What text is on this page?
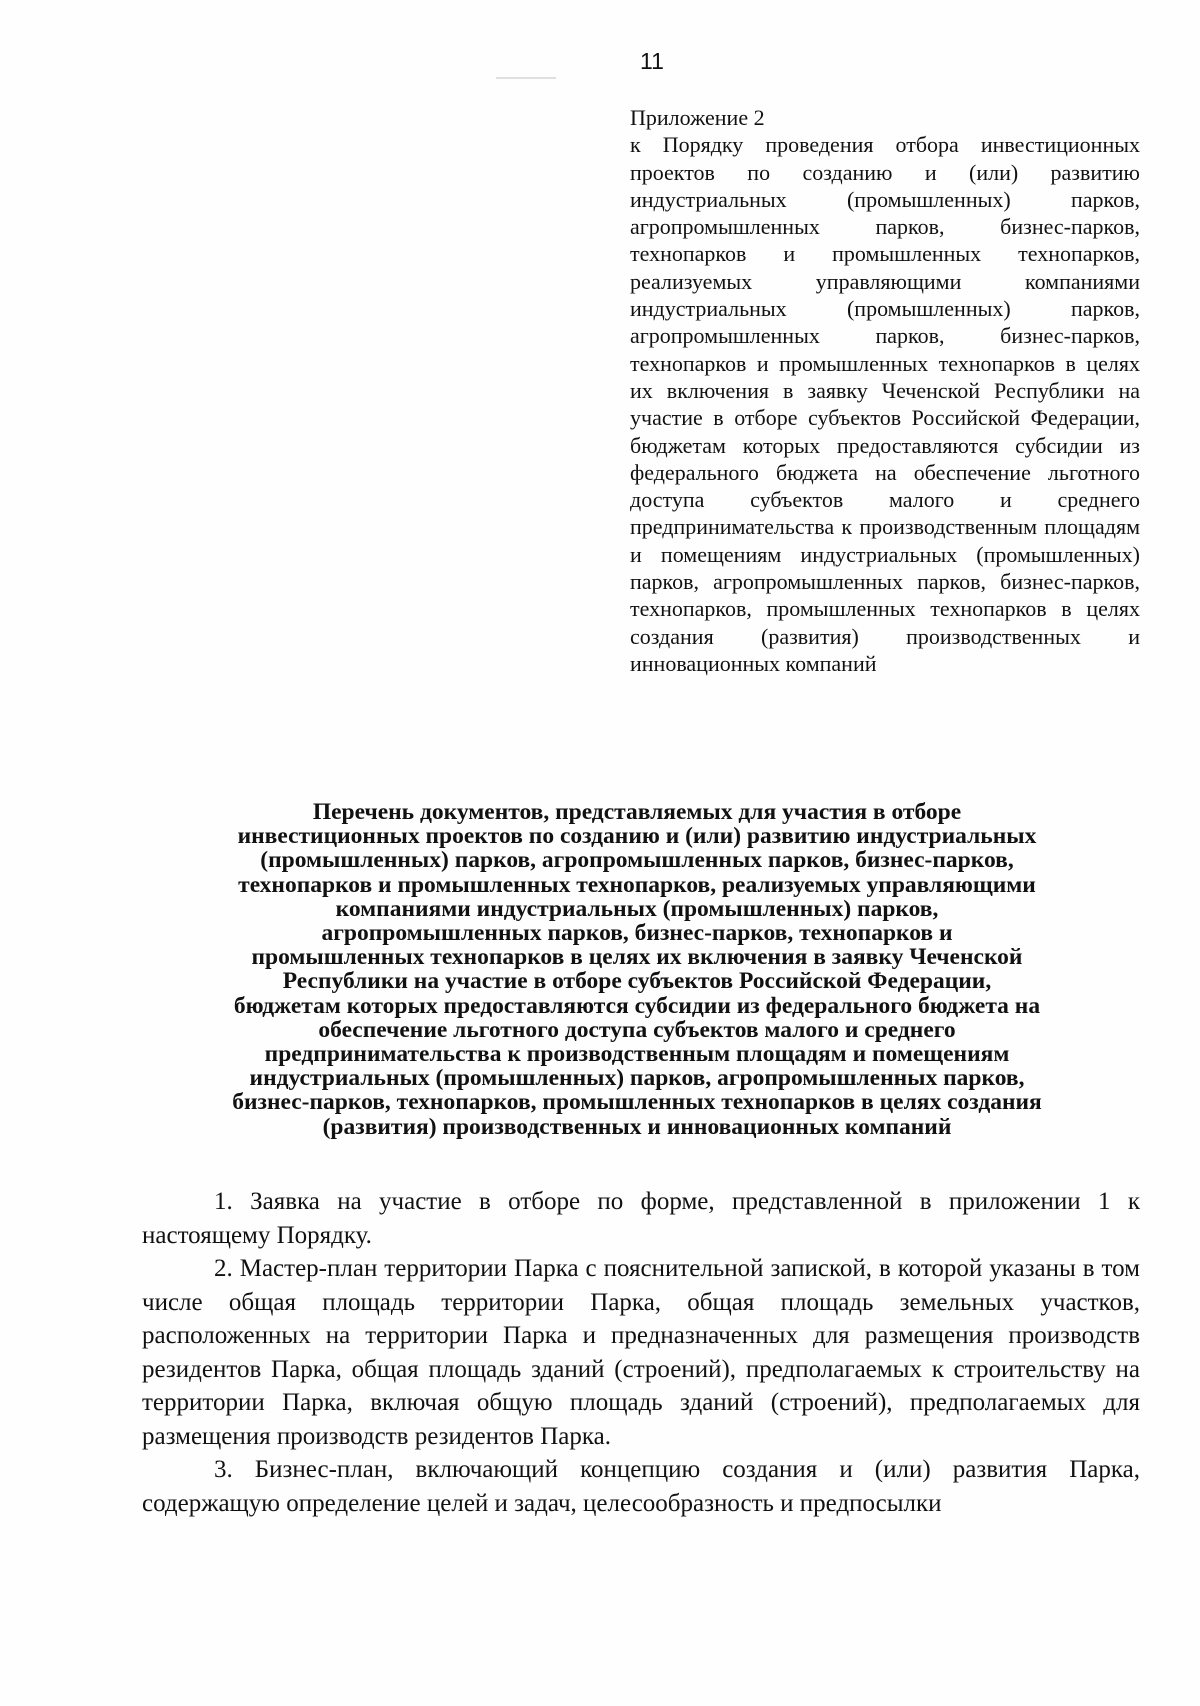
11
Приложение 2
к Порядку проведения отбора инвестиционных проектов по созданию и (или) развитию индустриальных (промышленных) парков, агропромышленных парков, бизнес-парков, технопарков и промышленных технопарков, реализуемых управляющими компаниями индустриальных (промышленных) парков, агропромышленных парков, бизнес-парков, технопарков и промышленных технопарков в целях их включения в заявку Чеченской Республики на участие в отборе субъектов Российской Федерации, бюджетам которых предоставляются субсидии из федерального бюджета на обеспечение льготного доступа субъектов малого и среднего предпринимательства к производственным площадям и помещениям индустриальных (промышленных) парков, агропромышленных парков, бизнес-парков, технопарков, промышленных технопарков в целях создания (развития) производственных и инновационных компаний
Перечень документов, представляемых для участия в отборе
инвестиционных проектов по созданию и (или) развитию индустриальных
(промышленных) парков, агропромышленных парков, бизнес-парков,
технопарков и промышленных технопарков, реализуемых управляющими
компаниями индустриальных (промышленных) парков,
агропромышленных парков, бизнес-парков, технопарков и
промышленных технопарков в целях их включения в заявку Чеченской
Республики на участие в отборе субъектов Российской Федерации,
бюджетам которых предоставляются субсидии из федерального бюджета на
обеспечение льготного доступа субъектов малого и среднего
предпринимательства к производственным площадям и помещениям
индустриальных (промышленных) парков, агропромышленных парков,
бизнес-парков, технопарков, промышленных технопарков в целях создания
(развития) производственных и инновационных компаний

1. Заявка на участие в отборе по форме, представленной в приложении 1 к настоящему Порядку.

2. Мастер-план территории Парка с пояснительной запиской, в которой указаны в том числе общая площадь территории Парка, общая площадь земельных участков, расположенных на территории Парка и предназначенных для размещения производств резидентов Парка, общая площадь зданий (строений), предполагаемых к строительству на территории Парка, включая общую площадь зданий (строений), предполагаемых для размещения производств резидентов Парка.

3. Бизнес-план, включающий концепцию создания и (или) развития Парка, содержащую определение целей и задач, целесообразность и предпосылки
